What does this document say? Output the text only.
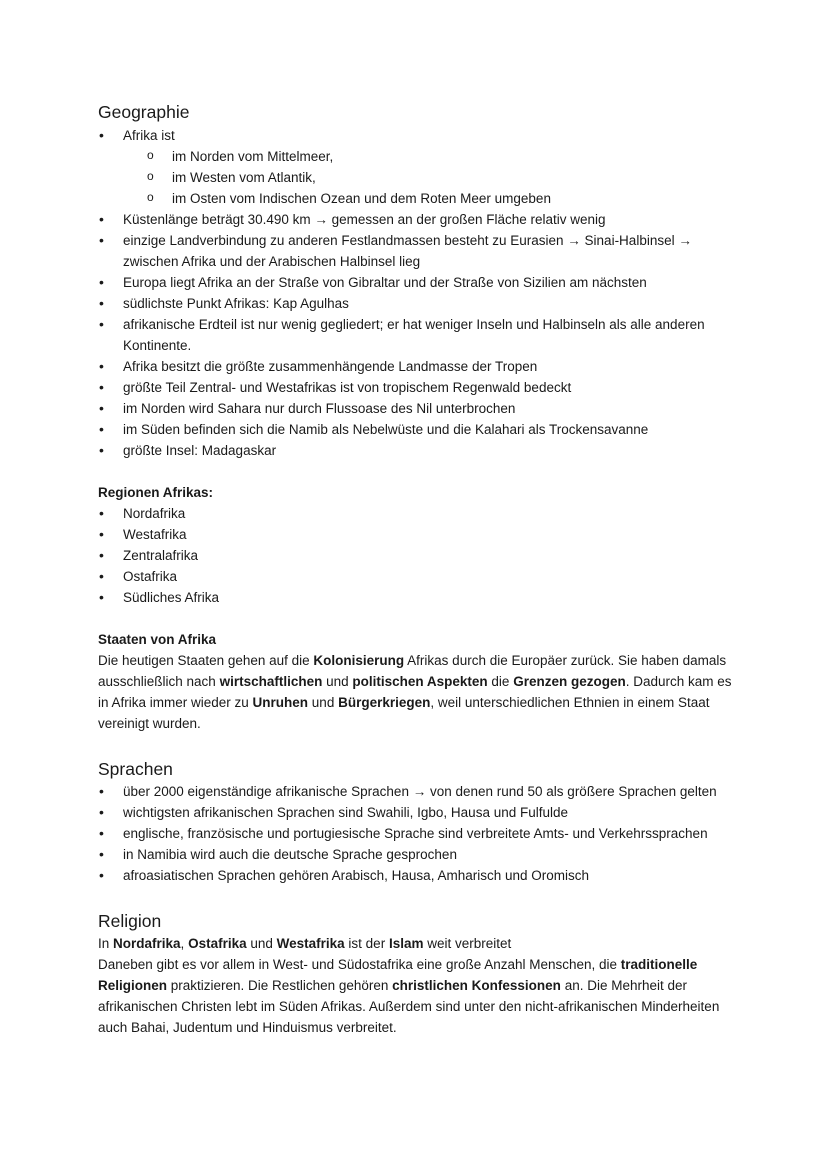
Geographie
• Afrika ist
o im Norden vom Mittelmeer,
o im Westen vom Atlantik,
o im Osten vom Indischen Ozean und dem Roten Meer umgeben
• Küstenlänge beträgt 30.490 km → gemessen an der großen Fläche relativ wenig
• einzige Landverbindung zu anderen Festlandmassen besteht zu Eurasien → Sinai-Halbinsel → zwischen Afrika und der Arabischen Halbinsel lieg
• Europa liegt Afrika an der Straße von Gibraltar und der Straße von Sizilien am nächsten
• südlichste Punkt Afrikas: Kap Agulhas
• afrikanische Erdteil ist nur wenig gegliedert; er hat weniger Inseln und Halbinseln als alle anderen Kontinente.
• Afrika besitzt die größte zusammenhängende Landmasse der Tropen
• größte Teil Zentral- und Westafrikas ist von tropischem Regenwald bedeckt
• im Norden wird Sahara nur durch Flussoase des Nil unterbrochen
• im Süden befinden sich die Namib als Nebelwüste und die Kalahari als Trockensavanne
• größte Insel: Madagaskar
Regionen Afrikas:
• Nordafrika
• Westafrika
• Zentralafrika
• Ostafrika
• Südliches Afrika
Staaten von Afrika

Die heutigen Staaten gehen auf die Kolonisierung Afrikas durch die Europäer zurück. Sie haben damals ausschließlich nach wirtschaftlichen und politischen Aspekten die Grenzen gezogen. Dadurch kam es in Afrika immer wieder zu Unruhen und Bürgerkriegen, weil unterschiedlichen Ethnien in einem Staat vereinigt wurden.

Sprachen
• über 2000 eigenständige afrikanische Sprachen → von denen rund 50 als größere Sprachen gelten
• wichtigsten afrikanischen Sprachen sind Swahili, Igbo, Hausa und Fulfulde
• englische, französische und portugiesische Sprache sind verbreitete Amts- und Verkehrssprachen
• in Namibia wird auch die deutsche Sprache gesprochen
• afroasiatischen Sprachen gehören Arabisch, Hausa, Amharisch und Oromisch
Religion

In Nordafrika, Ostafrika und Westafrika ist der Islam weit verbreitet

Daneben gibt es vor allem in West- und Südostafrika eine große Anzahl Menschen, die traditionelle Religionen praktizieren. Die Restlichen gehören christlichen Konfessionen an. Die Mehrheit der afrikanischen Christen lebt im Süden Afrikas. Außerdem sind unter den nicht-afrikanischen Minderheiten auch Bahai, Judentum und Hinduismus verbreitet.
